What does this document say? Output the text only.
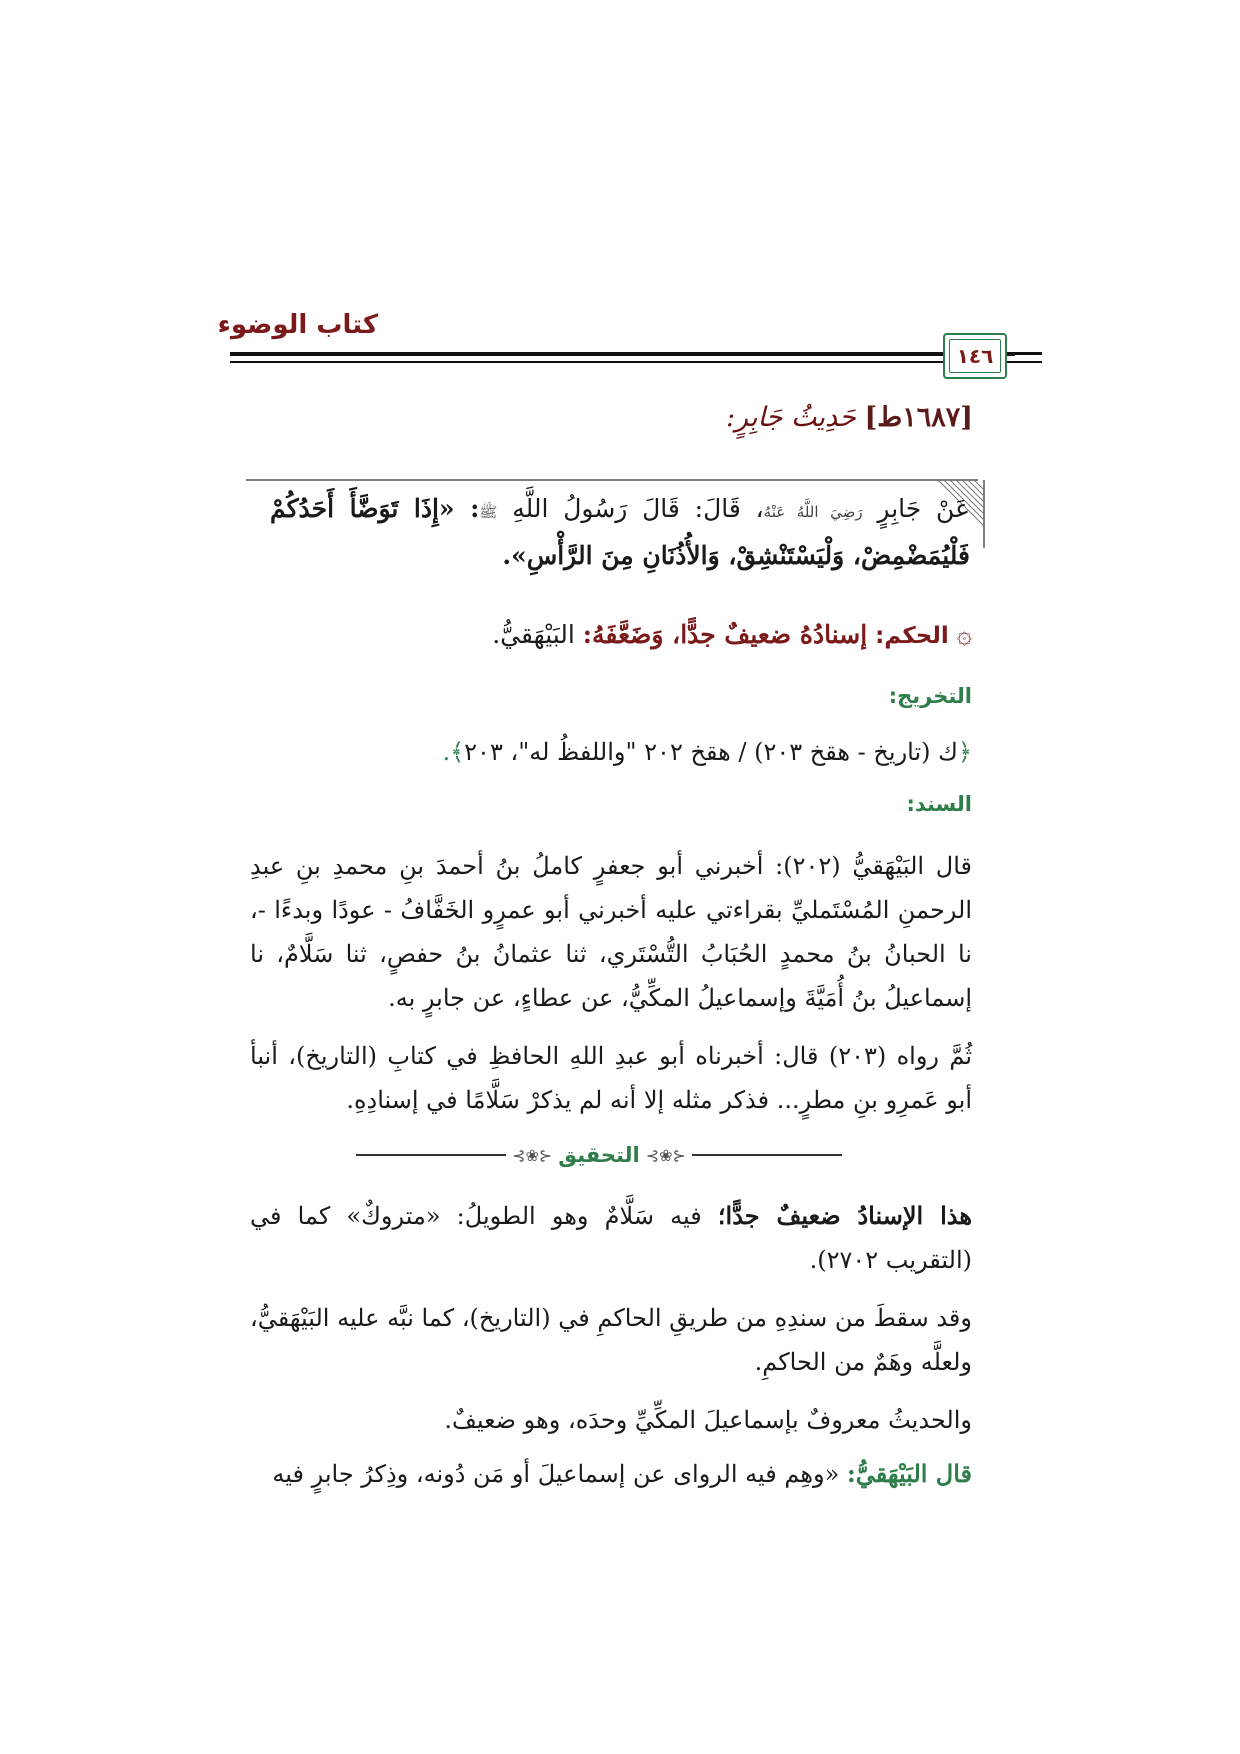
كتاب الوضوء
١٤٦
[١٦٨٧ط] حَدِيثُ جَابِرٍ:
عَنْ جَابِرٍ رَضِيَ اللَّهُ عَنْهُ، قَالَ: قَالَ رَسُولُ اللَّهِ ﷺ: «إِذَا تَوَضَّأَ أَحَدُكُمْ فَلْيُمَضْمِضْ، وَلْيَسْتَنْشِقْ، وَالأُذُنَانِ مِنَ الرَّأْسِ».
۞ الحكم: إسنادُهُ ضعيفٌ جدًّا، وَضَعَّفَهُ: البَيْهَقيُّ.
التخريج:
﴿ك (تاريخ - هقخ ٢٠٣) / هقخ ٢٠٢ "واللفظُ له"، ٢٠٣﴾.
السند:
قال البَيْهَقيُّ (٢٠٢): أخبرني أبو جعفرٍ كاملُ بنُ أحمدَ بنِ محمدِ بنِ عبدِ الرحمنِ المُسْتَمليِّ بقراءتي عليه أخبرني أبو عمرٍو الخَفَّافُ - عودًا وبدءًا -، نا الحبانُ بنُ محمدٍ الحُبَابُ التُّسْتَري، ثنا عثمانُ بنُ حفصٍ، ثنا سَلَّامٌ، نا إسماعيلُ بنُ أُمَيَّةَ وإسماعيلُ المكِّيُّ، عن عطاءٍ، عن جابرٍ به.
ثُمَّ رواه (٢٠٣) قال: أخبرناه أبو عبدِ اللهِ الحافظِ في كتابِ (التاريخ)، أنبأ أبو عَمرِو بنِ مطرٍ... فذكر مثله إلا أنه لم يذكرْ سَلَّامًا في إسنادِهِ.
⊰❀⊱
التحقيق
⊰❀⊱
هذا الإسنادُ ضعيفٌ جدًّا؛ فيه سَلَّامٌ وهو الطويلُ: «متروكٌ» كما في (التقريب ٢٧٠٢).
وقد سقطَ من سندِهِ من طريقِ الحاكمِ في (التاريخ)، كما نبَّه عليه البَيْهَقيُّ، ولعلَّه وهَمٌ من الحاكمِ.
والحديثُ معروفٌ بإسماعيلَ المكِّيِّ وحدَه، وهو ضعيفٌ.
قال البَيْهَقيُّ: «وهِم فيه الرواى عن إسماعيلَ أو مَن دُونه، وذِكرُ جابرٍ فيه
